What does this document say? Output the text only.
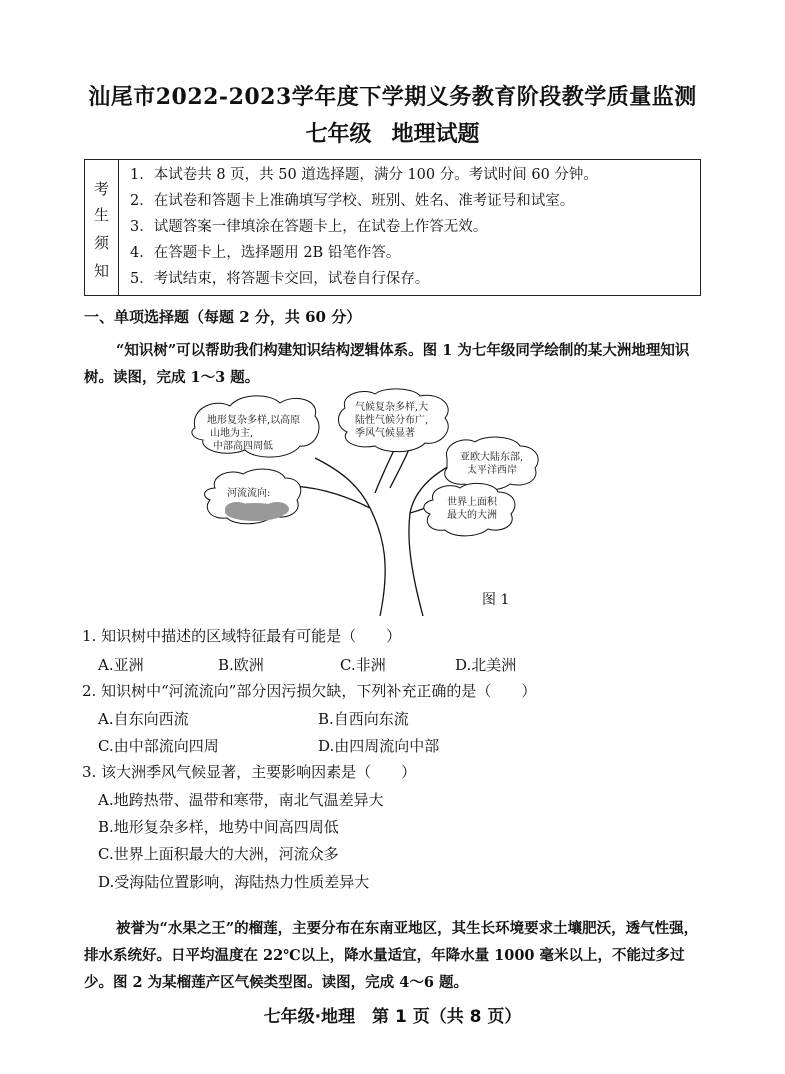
汕尾市2022-2023学年度下学期义务教育阶段教学质量监测
七年级 地理试题
考
生
须
知
1．本试卷共 8 页，共 50 道选择题，满分 100 分。考试时间 60 分钟。
2．在试卷和答题卡上准确填写学校、班别、姓名、准考证号和试室。
3．试题答案一律填涂在答题卡上，在试卷上作答无效。
4．在答题卡上，选择题用 2B 铅笔作答。
5．考试结束，将答题卡交回，试卷自行保存。
一、单项选择题（每题 2 分，共 60 分）
“知识树”可以帮助我们构建知识结构逻辑体系。图 1 为七年级同学绘制的某大洲地理知识树。读图，完成 1～3 题。
地形复杂多样,以高原
山地为主,
中部高四周低
气候复杂多样,大
陆性气候分布广,
季风气候显著
亚欧大陆东部,
太平洋西岸
河流流向:
世界上面积
最大的大洲
图 1
1. 知识树中描述的区域特征最有可能是（　　）
A.亚洲	B.欧洲	C.非洲	D.北美洲
2. 知识树中“河流流向”部分因污损欠缺，下列补充正确的是（　　）
A.自东向西流	B.自西向东流
C.由中部流向四周	D.由四周流向中部
3. 该大洲季风气候显著，主要影响因素是（　　）
A.地跨热带、温带和寒带，南北气温差异大
B.地形复杂多样，地势中间高四周低
C.世界上面积最大的大洲，河流众多
D.受海陆位置影响，海陆热力性质差异大
被誉为“水果之王”的榴莲，主要分布在东南亚地区，其生长环境要求土壤肥沃，透气性强，排水系统好。日平均温度在 22℃以上，降水量适宜，年降水量 1000 毫米以上，不能过多过少。图 2 为某榴莲产区气候类型图。读图，完成 4～6 题。
七年级·地理　第 1 页（共 8 页）
